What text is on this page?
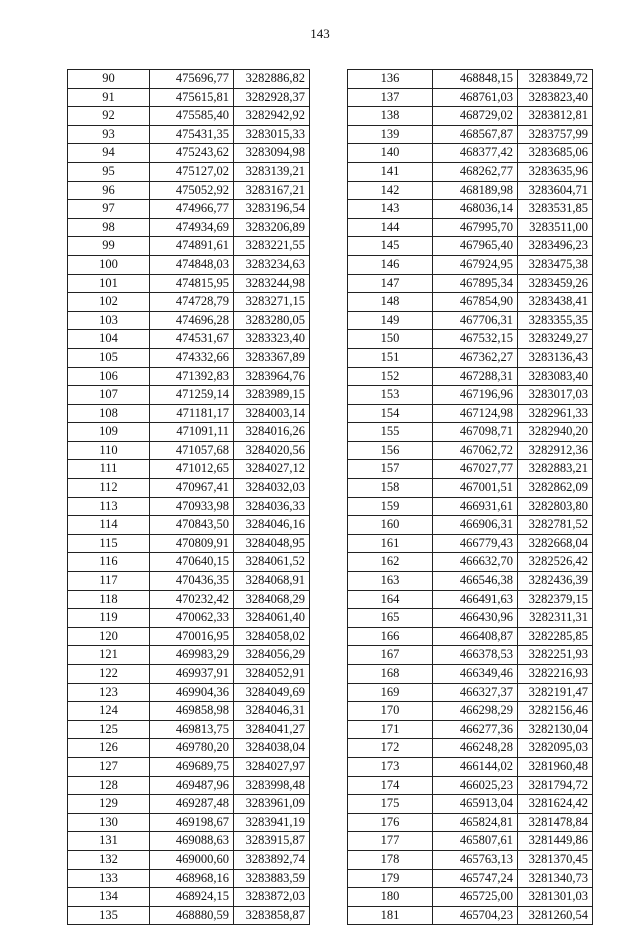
143
90	475696,77	3282886,82
91	475615,81	3282928,37
92	475585,40	3282942,92
93	475431,35	3283015,33
94	475243,62	3283094,98
95	475127,02	3283139,21
96	475052,92	3283167,21
97	474966,77	3283196,54
98	474934,69	3283206,89
99	474891,61	3283221,55
100	474848,03	3283234,63
101	474815,95	3283244,98
102	474728,79	3283271,15
103	474696,28	3283280,05
104	474531,67	3283323,40
105	474332,66	3283367,89
106	471392,83	3283964,76
107	471259,14	3283989,15
108	471181,17	3284003,14
109	471091,11	3284016,26
110	471057,68	3284020,56
111	471012,65	3284027,12
112	470967,41	3284032,03
113	470933,98	3284036,33
114	470843,50	3284046,16
115	470809,91	3284048,95
116	470640,15	3284061,52
117	470436,35	3284068,91
118	470232,42	3284068,29
119	470062,33	3284061,40
120	470016,95	3284058,02
121	469983,29	3284056,29
122	469937,91	3284052,91
123	469904,36	3284049,69
124	469858,98	3284046,31
125	469813,75	3284041,27
126	469780,20	3284038,04
127	469689,75	3284027,97
128	469487,96	3283998,48
129	469287,48	3283961,09
130	469198,67	3283941,19
131	469088,63	3283915,87
132	469000,60	3283892,74
133	468968,16	3283883,59
134	468924,15	3283872,03
135	468880,59	3283858,87
136	468848,15	3283849,72
137	468761,03	3283823,40
138	468729,02	3283812,81
139	468567,87	3283757,99
140	468377,42	3283685,06
141	468262,77	3283635,96
142	468189,98	3283604,71
143	468036,14	3283531,85
144	467995,70	3283511,00
145	467965,40	3283496,23
146	467924,95	3283475,38
147	467895,34	3283459,26
148	467854,90	3283438,41
149	467706,31	3283355,35
150	467532,15	3283249,27
151	467362,27	3283136,43
152	467288,31	3283083,40
153	467196,96	3283017,03
154	467124,98	3282961,33
155	467098,71	3282940,20
156	467062,72	3282912,36
157	467027,77	3282883,21
158	467001,51	3282862,09
159	466931,61	3282803,80
160	466906,31	3282781,52
161	466779,43	3282668,04
162	466632,70	3282526,42
163	466546,38	3282436,39
164	466491,63	3282379,15
165	466430,96	3282311,31
166	466408,87	3282285,85
167	466378,53	3282251,93
168	466349,46	3282216,93
169	466327,37	3282191,47
170	466298,29	3282156,46
171	466277,36	3282130,04
172	466248,28	3282095,03
173	466144,02	3281960,48
174	466025,23	3281794,72
175	465913,04	3281624,42
176	465824,81	3281478,84
177	465807,61	3281449,86
178	465763,13	3281370,45
179	465747,24	3281340,73
180	465725,00	3281301,03
181	465704,23	3281260,54
